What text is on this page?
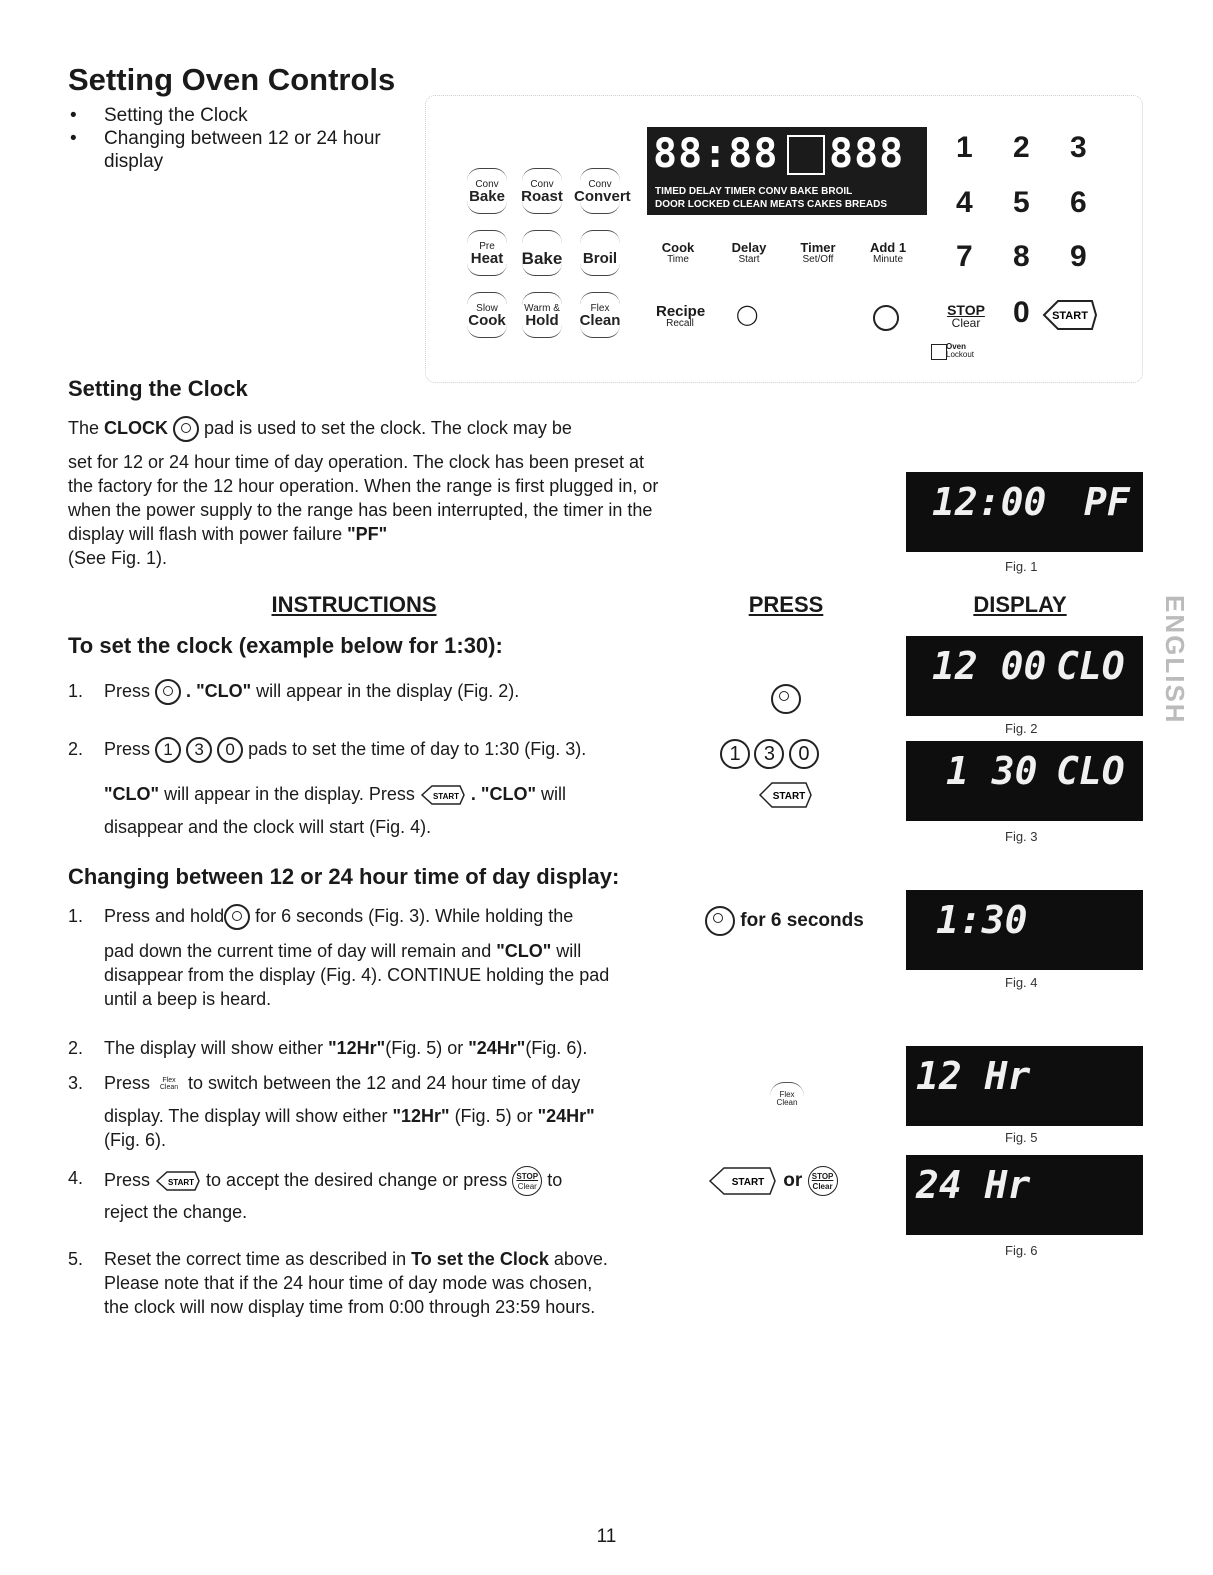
Setting Oven Controls
• Setting the Clock
• Changing between 12 or 24 hour
display
Conv
Bake
Conv
Roast
Conv
Convert
Pre
Heat	Bake	Broil
Slow
Cook
Warm &
Hold
Flex
Clean
88:88 888
TIMED DELAY TIMER CONV BAKE BROIL
DOOR LOCKED CLEAN MEATS CAKES BREADS
Cook
Time
Delay
Start
Timer
Set/Off
Add 1
Minute
Recipe
Recall	◯	STOP
Clear
Oven
Lockout
1 2 3
4 5 6
7 8 9
0 START
Setting the Clock
The CLOCK  pad is used to set the clock. The clock may be
set for 12 or 24 hour time of day operation. The clock has been preset at the factory for the 12 hour operation. When the range is first plugged in, or when the power supply to the range has been interrupted, the timer in the display will flash with power failure "PF"
(See Fig. 1).
INSTRUCTIONS	PRESS	DISPLAY
To set the clock (example below for 1:30):
1. Press . "CLO" will appear in the display (Fig. 2).
2. Press 1 3 0 pads to set the time of day to 1:30 (Fig. 3).
"CLO" will appear in the display. Press START . "CLO" will
disappear and the clock will start (Fig. 4).
Changing between 12 or 24 hour time of day display:
1. Press and hold for 6 seconds (Fig. 3). While holding the
pad down the current time of day will remain and "CLO" will
disappear from the display (Fig. 4). CONTINUE holding the pad
until a beep is heard.
2. The display will show either "12Hr"(Fig. 5) or "24Hr"(Fig. 6).
3. Press Flex
Clean to switch between the 12 and 24 hour time of day
display. The display will show either "12Hr" (Fig. 5) or "24Hr"
(Fig. 6).
4. Press START to accept the desired change or press	STOP
Clear to
reject the change.
5. Reset the correct time as described in To set the Clock above.
Please note that if the 24 hour time of day mode was chosen,
the clock will now display time from 0:00 through 23:59 hours.
1 3 0
START
for 6 seconds
Flex
Clean
START or	STOP
Clear
12:00 PF
Fig. 1
12 00 CLO
Fig. 2
1 30 CLO
Fig. 3
1:30
Fig. 4
12 Hr
Fig. 5
24 Hr
Fig. 6
ENGLISH
11
